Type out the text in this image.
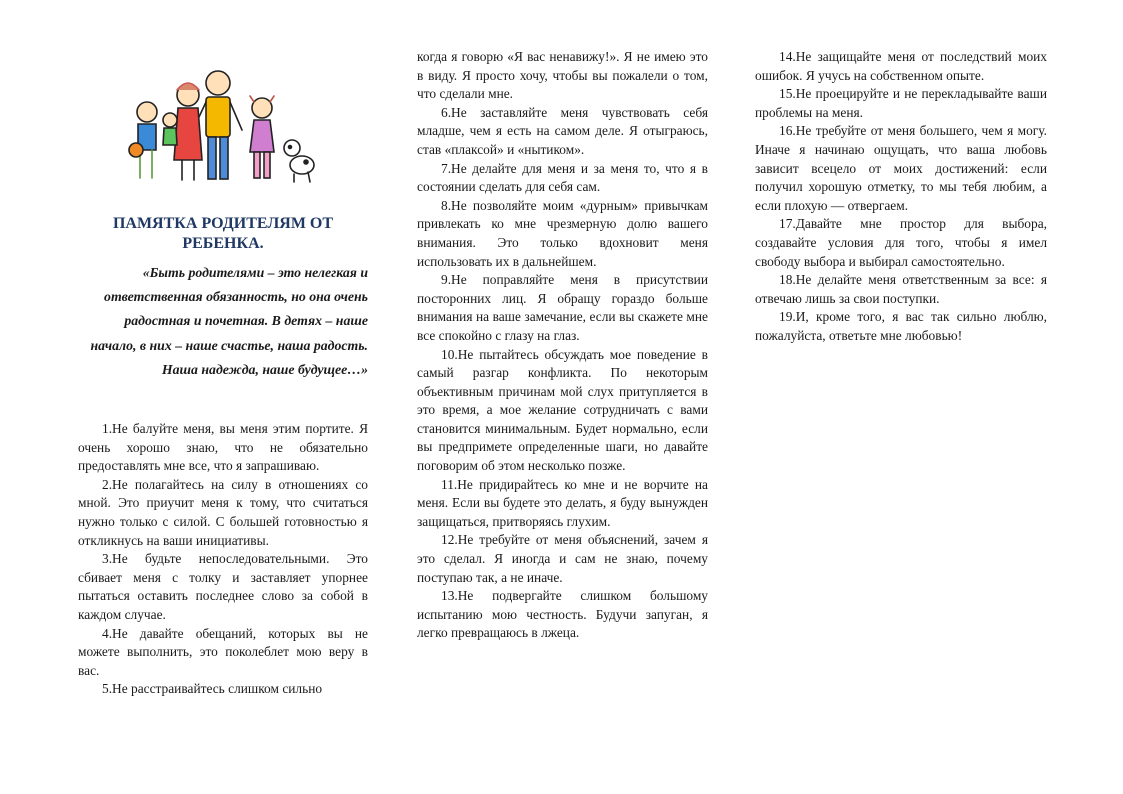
ПАМЯТКА РОДИТЕЛЯМ ОТ РЕБЕНКА.
«Быть родителями – это нелегкая и ответственная обязанность, но она очень радостная и почетная. В детях – наше начало, в них – наше счастье, наша радость. Наша надежда, наше будущее…»

1.Не балуйте меня, вы меня этим портите. Я очень хорошо знаю, что не обязательно предоставлять мне все, что я запрашиваю.

2.Не полагайтесь на силу в отношениях со мной. Это приучит меня к тому, что считаться нужно только с силой. С большей готовностью я откликнусь на ваши инициативы.

3.Не будьте непоследовательными. Это сбивает меня с толку и заставляет упорнее пытаться оставить последнее слово за собой в каждом случае.

4.Не давайте обещаний, которых вы не можете выполнить, это поколеблет мою веру в вас.

5.Не расстраивайтесь слишком сильно

когда я говорю «Я вас ненавижу!». Я не имею это в виду. Я просто хочу, чтобы вы пожалели о том, что сделали мне.

6.Не заставляйте меня чувствовать себя младше, чем я есть на самом деле. Я отыграюсь, став «плаксой» и «нытиком».

7.Не делайте для меня и за меня то, что я в состоянии сделать для себя сам.

8.Не позволяйте моим «дурным» привычкам привлекать ко мне чрезмерную долю вашего внимания. Это только вдохновит меня использовать их в дальнейшем.

9.Не поправляйте меня в присутствии посторонних лиц. Я обращу гораздо больше внимания на ваше замечание, если вы скажете мне все спокойно с глазу на глаз.

10.Не пытайтесь обсуждать мое поведение в самый разгар конфликта. По некоторым объективным причинам мой слух притупляется в это время, а мое желание сотрудничать с вами становится минимальным. Будет нормально, если вы предпримете определенные шаги, но давайте поговорим об этом несколько позже.

11.Не придирайтесь ко мне и не ворчите на меня. Если вы будете это делать, я буду вынужден защищаться, притворяясь глухим.

12.Не требуйте от меня объяснений, зачем я это сделал. Я иногда и сам не знаю, почему поступаю так, а не иначе.

13.Не подвергайте слишком большому испытанию мою честность. Будучи запуган, я легко превращаюсь в лжеца.

14.Не защищайте меня от последствий моих ошибок. Я учусь на собственном опыте.

15.Не проецируйте и не перекладывайте ваши проблемы на меня.

16.Не требуйте от меня большего, чем я могу. Иначе я начинаю ощущать, что ваша любовь зависит всецело от моих достижений: если получил хорошую отметку, то мы тебя любим, а если плохую — отвергаем.

17.Давайте мне простор для выбора, создавайте условия для того, чтобы я имел свободу выбора и выбирал самостоятельно.

18.Не делайте меня ответственным за все: я отвечаю лишь за свои поступки.

19.И, кроме того, я вас так сильно люблю, пожалуйста, ответьте мне любовью!
